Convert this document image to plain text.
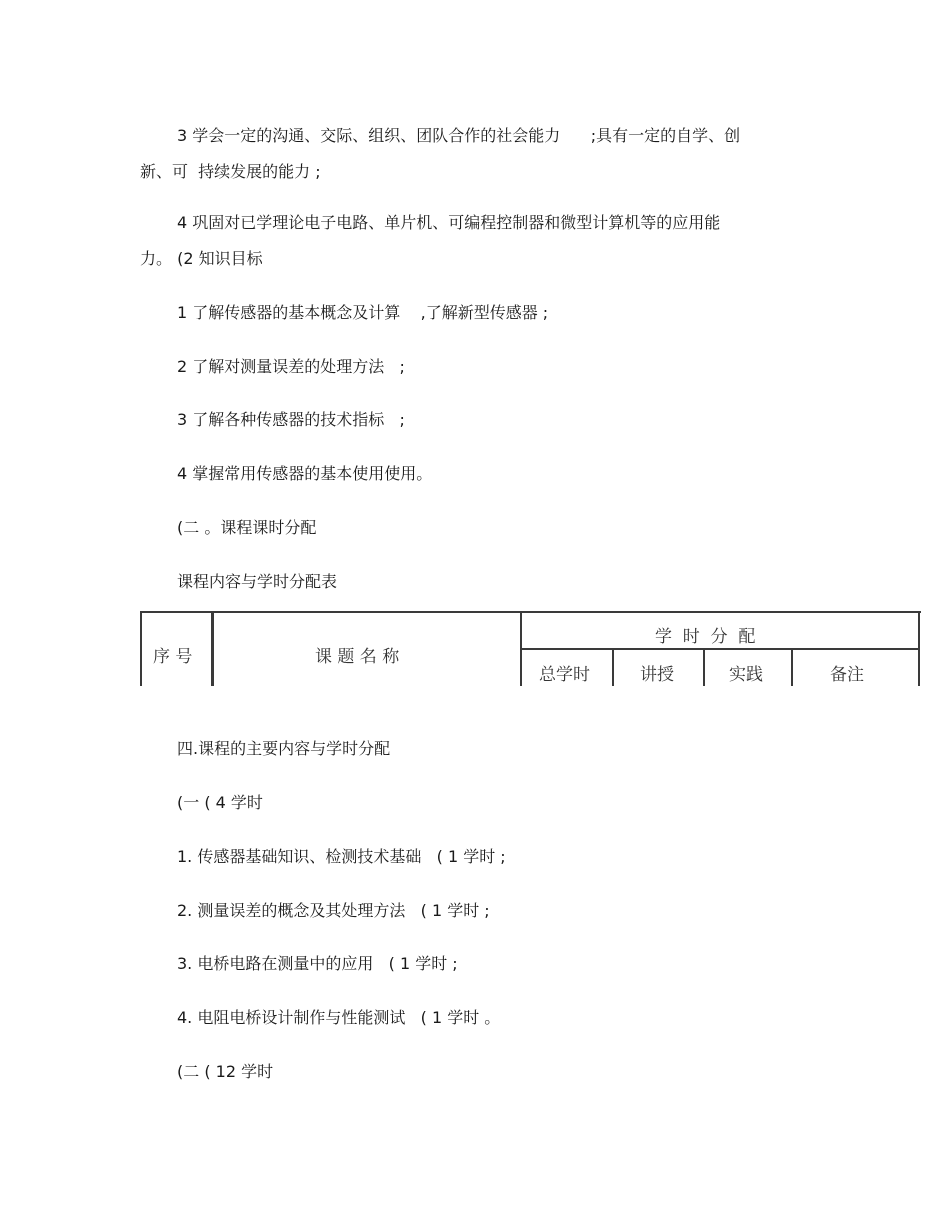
3 学会一定的沟通、交际、组织、团队合作的社会能力      ;具有一定的自学、创
新、可  持续发展的能力 ;
4 巩固对已学理论电子电路、单片机、可编程控制器和微型计算机等的应用能
力。 (2 知识目标
1 了解传感器的基本概念及计算    ,了解新型传感器 ;
2 了解对测量误差的处理方法   ;
3 了解各种传感器的技术指标   ;
4 掌握常用传感器的基本使用使用。
(二 。课程课时分配
课程内容与学时分配表
序 号	课 题 名 称
学  时  分  配
总学时	讲授	实践	备注
四.课程的主要内容与学时分配
(一 ( 4 学时
1. 传感器基础知识、检测技术基础   ( 1 学时 ;
2. 测量误差的概念及其处理方法   ( 1 学时 ;
3. 电桥电路在测量中的应用   ( 1 学时 ;
4. 电阻电桥设计制作与性能测试   ( 1 学时 。
(二 ( 12 学时
